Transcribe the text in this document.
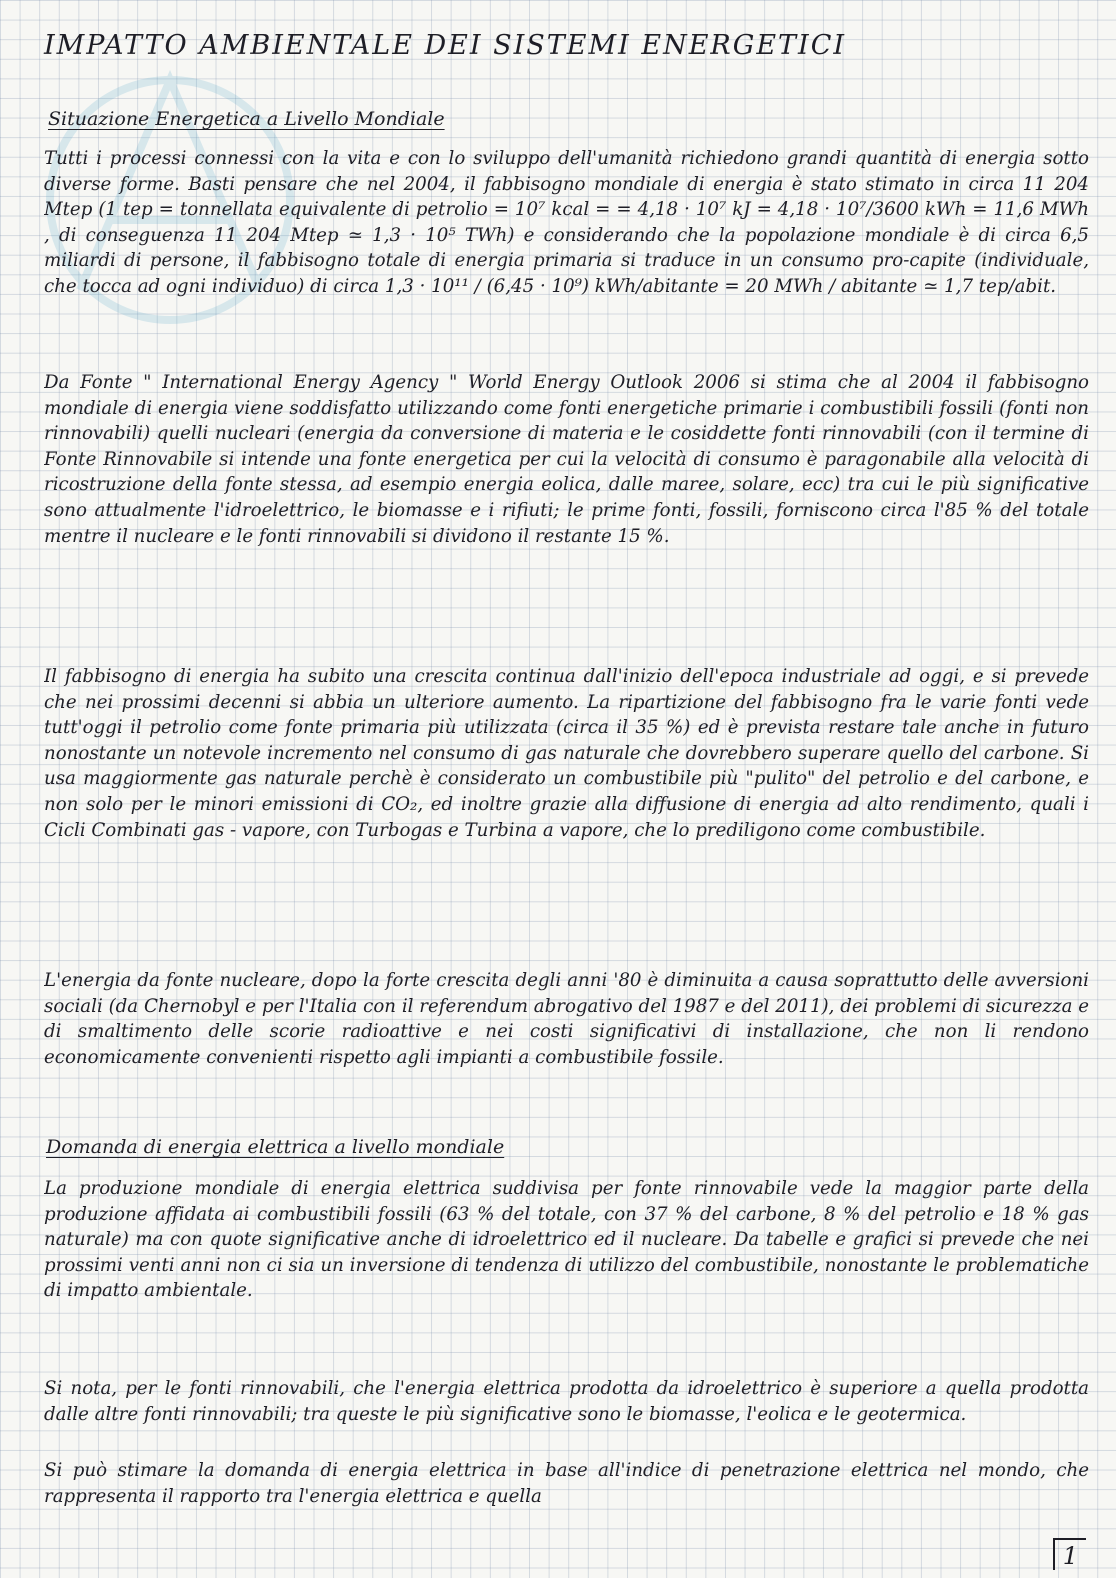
IMPATTO AMBIENTALE DEI SISTEMI ENERGETICI
Situazione Energetica a Livello Mondiale
Tutti i processi connessi con la vita e con lo sviluppo dell'umanità richiedono grandi quantità di energia sotto diverse forme. Basti pensare che nel 2004, il fabbisogno mondiale di energia è stato stimato in circa 11 204 Mtep (1 tep = tonnellata equivalente di petrolio = 10⁷ kcal = = 4,18 · 10⁷ kJ = 4,18 · 10⁷/3600 kWh = 11,6 MWh , di conseguenza 11 204 Mtep ≃ 1,3 · 10⁵ TWh) e considerando che la popolazione mondiale è di circa 6,5 miliardi di persone, il fabbisogno totale di energia primaria si traduce in un consumo pro-capite (individuale, che tocca ad ogni individuo) di circa 1,3 · 10¹¹ / (6,45 · 10⁹) kWh/abitante = 20 MWh / abitante ≃ 1,7 tep/abit.
Da Fonte " International Energy Agency " World Energy Outlook 2006 si stima che al 2004 il fabbisogno mondiale di energia viene soddisfatto utilizzando come fonti energetiche primarie i combustibili fossili (fonti non rinnovabili) quelli nucleari (energia da conversione di materia e le cosiddette fonti rinnovabili (con il termine di Fonte Rinnovabile si intende una fonte energetica per cui la velocità di consumo è paragonabile alla velocità di ricostruzione della fonte stessa, ad esempio energia eolica, dalle maree, solare, ecc) tra cui le più significative sono attualmente l'idroelettrico, le biomasse e i rifiuti; le prime fonti, fossili, forniscono circa l'85 % del totale mentre il nucleare e le fonti rinnovabili si dividono il restante 15 %.
Il fabbisogno di energia ha subito una crescita continua dall'inizio dell'epoca industriale ad oggi, e si prevede che nei prossimi decenni si abbia un ulteriore aumento. La ripartizione del fabbisogno fra le varie fonti vede tutt'oggi il petrolio come fonte primaria più utilizzata (circa il 35 %) ed è prevista restare tale anche in futuro nonostante un notevole incremento nel consumo di gas naturale che dovrebbero superare quello del carbone. Si usa maggiormente gas naturale perchè è considerato un combustibile più "pulito" del petrolio e del carbone, e non solo per le minori emissioni di CO₂, ed inoltre grazie alla diffusione di energia ad alto rendimento, quali i Cicli Combinati gas - vapore, con Turbogas e Turbina a vapore, che lo prediligono come combustibile.
L'energia da fonte nucleare, dopo la forte crescita degli anni '80 è diminuita a causa soprattutto delle avversioni sociali (da Chernobyl e per l'Italia con il referendum abrogativo del 1987 e del 2011), dei problemi di sicurezza e di smaltimento delle scorie radioattive e nei costi significativi di installazione, che non li rendono economicamente convenienti rispetto agli impianti a combustibile fossile.
Domanda di energia elettrica a livello mondiale
La produzione mondiale di energia elettrica suddivisa per fonte rinnovabile vede la maggior parte della produzione affidata ai combustibili fossili (63 % del totale, con 37 % del carbone, 8 % del petrolio e 18 % gas naturale) ma con quote significative anche di idroelettrico ed il nucleare. Da tabelle e grafici si prevede che nei prossimi venti anni non ci sia un inversione di tendenza di utilizzo del combustibile, nonostante le problematiche di impatto ambientale.
Si nota, per le fonti rinnovabili, che l'energia elettrica prodotta da idroelettrico è superiore a quella prodotta dalle altre fonti rinnovabili; tra queste le più significative sono le biomasse, l'eolica e le geotermica.
Si può stimare la domanda di energia elettrica in base all'indice di penetrazione elettrica nel mondo, che rappresenta il rapporto tra l'energia elettrica e quella
1
